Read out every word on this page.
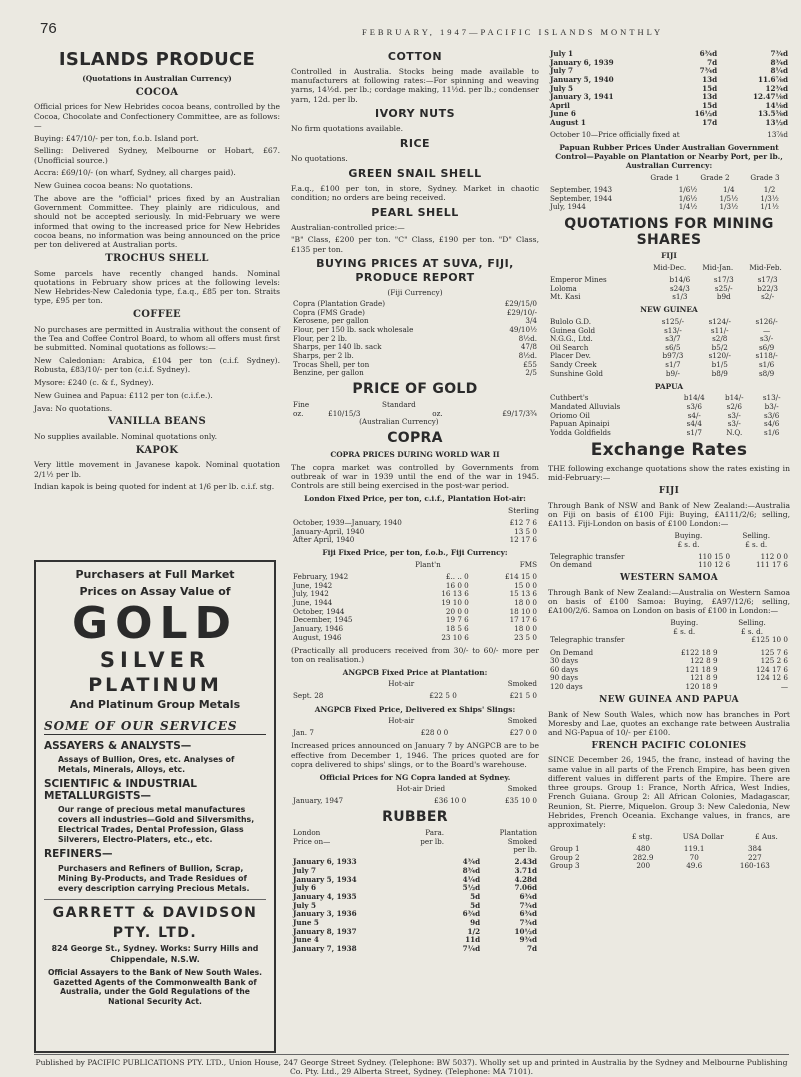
76	FEBRUARY, 1947—PACIFIC ISLANDS MONTHLY
ISLANDS PRODUCE
(Quotations in Australian Currency)
COCOA

Official prices for New Hebrides cocoa beans, controlled by the Cocoa, Chocolate and Confectionery Committee, are as follows:—

Buying: £47/10/- per ton, f.o.b. Island port.

Selling: Delivered Sydney, Melbourne or Hobart, £67. (Unofficial source.)

Accra: £69/10/- (on wharf, Sydney, all charges paid).

New Guinea cocoa beans: No quotations.

The above are the "official" prices fixed by an Australian Government Committee. They plainly are ridiculous, and should not be accepted seriously. In mid-February we were informed that owing to the increased price for New Hebrides cocoa beans, no information was being announced on the price per ton delivered at Australian ports.

TROCHUS SHELL

Some parcels have recently changed hands. Nominal quotations in February show prices at the following levels: New Hebrides-New Caledonia type, f.a.q., £85 per ton. Straits type, £95 per ton.

COFFEE

No purchases are permitted in Australia without the consent of the Tea and Coffee Control Board, to whom all offers must first be submitted. Nominal quotations as follows:—

New Caledonian: Arabica, £104 per ton (c.i.f. Sydney). Robusta, £83/10/- per ton (c.i.f. Sydney).

Mysore: £240 (c. & f., Sydney).

New Guinea and Papua: £112 per ton (c.i.f.e.).

Java: No quotations.

VANILLA BEANS

No supplies available. Nominal quotations only.

KAPOK

Very little movement in Javanese kapok. Nominal quotation 2/1½ per lb.

Indian kapok is being quoted for indent at 1/6 per lb. c.i.f. stg.

Purchasers at Full Market
Prices on Assay Value of
GOLD
SILVER
PLATINUM
And Platinum Group Metals
SOME OF OUR SERVICES
ASSAYERS & ANALYSTS—
Assays of Bullion, Ores, etc. Analyses of Metals, Minerals, Alloys, etc.
SCIENTIFIC & INDUSTRIAL METALLURGISTS—
Our range of precious metal manufactures covers all industries—Gold and Silversmiths, Electrical Trades, Dental Profession, Glass Silverers, Electro-Platers, etc., etc.
REFINERS—
Purchasers and Refiners of Bullion, Scrap, Mining By-Products, and Trade Residues of every description carrying Precious Metals.
GARRETT & DAVIDSON
PTY. LTD.
824 George St., Sydney. Works: Surry Hills and Chippendale, N.S.W.
Official Assayers to the Bank of New South Wales. Gazetted Agents of the Commonwealth Bank of Australia, under the Gold Regulations of the National Security Act.
COTTON

Controlled in Australia. Stocks being made available to manufacturers at following rates:—For spinning and weaving yarns, 14½d. per lb.; cordage making, 11½d. per lb.; condenser yarn, 12d. per lb.

IVORY NUTS

No firm quotations available.

RICE

No quotations.

GREEN SNAIL SHELL

F.a.q., £100 per ton, in store, Sydney. Market in chaotic condition; no orders are being received.

PEARL SHELL

Australian-controlled price:—

"B" Class, £200 per ton. "C" Class, £190 per ton. "D" Class, £135 per ton.

BUYING PRICES AT SUVA, FIJI, PRODUCE REPORT
(Fiji Currency)
Copra (Plantation Grade)	£29/15/0
Copra (FMS Grade)	£29/10/-
Kerosene, per gallon	3/4
Flour, per 150 lb. sack wholesale	49/10½
Flour, per 2 lb.	8½d.
Sharps, per 140 lb. sack	47/8
Sharps, per 2 lb.	8½d.
Trocas Shell, per ton	£55
Benzine, per gallon	2/5
PRICE OF GOLD
Fine	Standard		
oz.	£10/15/3	oz.	£9/17/3¾
	(Australian Currency)		
COPRA
COPRA PRICES DURING WORLD WAR II

The copra market was controlled by Governments from outbreak of war in 1939 until the end of the war in 1945. Controls are still being exercised in the post-war period.

London Fixed Price, per ton, c.i.f., Plantation Hot-air:
Sterling
October, 1939—January, 1940	£12 7 6
January-April, 1940	13 5 0
After April, 1940	12 17 6
Fiji Fixed Price, per ton, f.o.b., Fiji Currency:
	Plant'n	FMS
February, 1942	£.. .. 0	£14 15 0
June, 1942	16 0 0	15 0 0
July, 1942	16 13 6	15 13 6
June, 1944	19 10 0	18 0 0
October, 1944	20 0 0	18 10 0
December, 1945	19 7 6	17 17 6
January, 1946	18 5 6	18 0 0
August, 1946	23 10 6	23 5 0

(Practically all producers received from 30/- to 60/- more per ton on realisation.)

ANGPCB Fixed Price at Plantation:
	Hot-air	Smoked
Sept. 28	£22 5 0	£21 5 0
ANGPCB Fixed Price, Delivered ex Ships' Slings:
	Hot-air	Smoked
Jan. 7	£28 0 0	£27 0 0

Increased prices announced on January 7 by ANGPCB are to be effective from December 1, 1946. The prices quoted are for copra delivered to ships' slings, or to the Board's warehouse.

Official Prices for NG Copra landed at Sydney.
	Hot-air Dried	Smoked
January, 1947	£36 10 0	£35 10 0
RUBBER
London	Para.	Plantation
Price on—	per lb.	Smoked
		per lb.
January 6, 1933	4¾d	2.43d
July 7	8¾d	3.71d
January 5, 1934	4¼d	4.28d
July 6	5½d	7.06d
January 4, 1935	5d	6¾d
July 5	5d	7¾d
January 3, 1936	6¾d	6¾d
June 5	9d	7¾d
January 8, 1937	1/2	10½d
June 4	11d	9¾d
January 7, 1938	7¼d	7d
July 1	6¾d	7¾d
January 6, 1939	7d	8¾d
July 7	7¾d	8¼d
January 5, 1940	13d	11.6⅞d
July 5	15d	12¾d
January 3, 1941	13d	12.47⅛d
April	15d	14⅛d
June 6	16½d	13.5⅝d
August 1	17d	13½d
October 10—Price officially fixed at	13⅞d
Papuan Rubber Prices Under Australian Government Control—Payable on Plantation or Nearby Port, per lb., Australian Currency:
	Grade 1	Grade 2	Grade 3
September, 1943	1/6½	1/4	1/2
September, 1944	1/6½	1/5½	1/3½
July, 1944	1/4½	1/3½	1/1½
QUOTATIONS FOR MINING SHARES
FIJI
	Mid-Dec.	Mid-Jan.	Mid-Feb.
Emperor Mines	b14/6	s17/3	s17/3
Loloma	s24/3	s25/-	b22/3
Mt. Kasi	s1/3	b9d	s2/-
NEW GUINEA
Bulolo G.D.	s125/-	s124/-	s126/-
Guinea Gold	s13/-	s11/-	—
N.G.G., Ltd.	s3/7	s2/8	s3/-
Oil Search	s6/5	b5/2	s6/9
Placer Dev.	b97/3	s120/-	s118/-
Sandy Creek	s1/7	b1/5	s1/6
Sunshine Gold	b9/-	b8/9	s8/9
PAPUA
Cuthbert's	b14/4	b14/-	s13/-
Mandated Alluvials	s3/6	s2/6	b3/-
Oriomo Oil	s4/-	s3/-	s3/6
Papuan Apinaipi	s4/4	s3/-	s4/6
Yodda Goldfields	s1/7	N.Q.	s1/6
Exchange Rates

THE following exchange quotations show the rates existing in mid-February:—

FIJI

Through Bank of NSW and Bank of New Zealand:—Australia on Fiji on basis of £100 Fiji: Buying, £A111/2/6; selling, £A113. Fiji-London on basis of £100 London:—

	Buying.	Selling.
	£ s. d.	£ s. d.
Telegraphic transfer	110 15 0	112 0 0
On demand	110 12 6	111 17 6
WESTERN SAMOA

Through Bank of New Zealand:—Australia on Western Samoa on basis of £100 Samoa: Buying, £A97/12/6; selling, £A100/2/6. Samoa on London on basis of £100 in London:—

	Buying.	Selling.
	£ s. d.	£ s. d.
Telegraphic transfer		£125 10 0
On Demand	£122 18 9	125 7 6
30 days	122 8 9	125 2 6
60 days	121 18 9	124 17 6
90 days	121 8 9	124 12 6
120 days	120 18 9	—
NEW GUINEA AND PAPUA

Bank of New South Wales, which now has branches in Port Moresby and Lae, quotes an exchange rate between Australia and NG-Papua of 10/- per £100.

FRENCH PACIFIC COLONIES

SINCE December 26, 1945, the franc, instead of having the same value in all parts of the French Empire, has been given different values in different parts of the Empire. There are three groups. Group 1: France, North Africa, West Indies, French Guiana. Group 2: All African Colonies, Madagascar, Reunion, St. Pierre, Miquelon. Group 3: New Caledonia, New Hebrides, French Oceania. Exchange values, in francs, are approximately:

	£ stg.	USA Dollar	£ Aus.
Group 1	480	119.1	384
Group 2	282.9	70	227
Group 3	200	49.6	160-163
Published by PACIFIC PUBLICATIONS PTY. LTD., Union House, 247 George Street Sydney. (Telephone: BW 5037). Wholly set up and printed in Australia by the Sydney and Melbourne Publishing Co. Pty. Ltd., 29 Alberta Street, Sydney. (Telephone: MA 7101).
